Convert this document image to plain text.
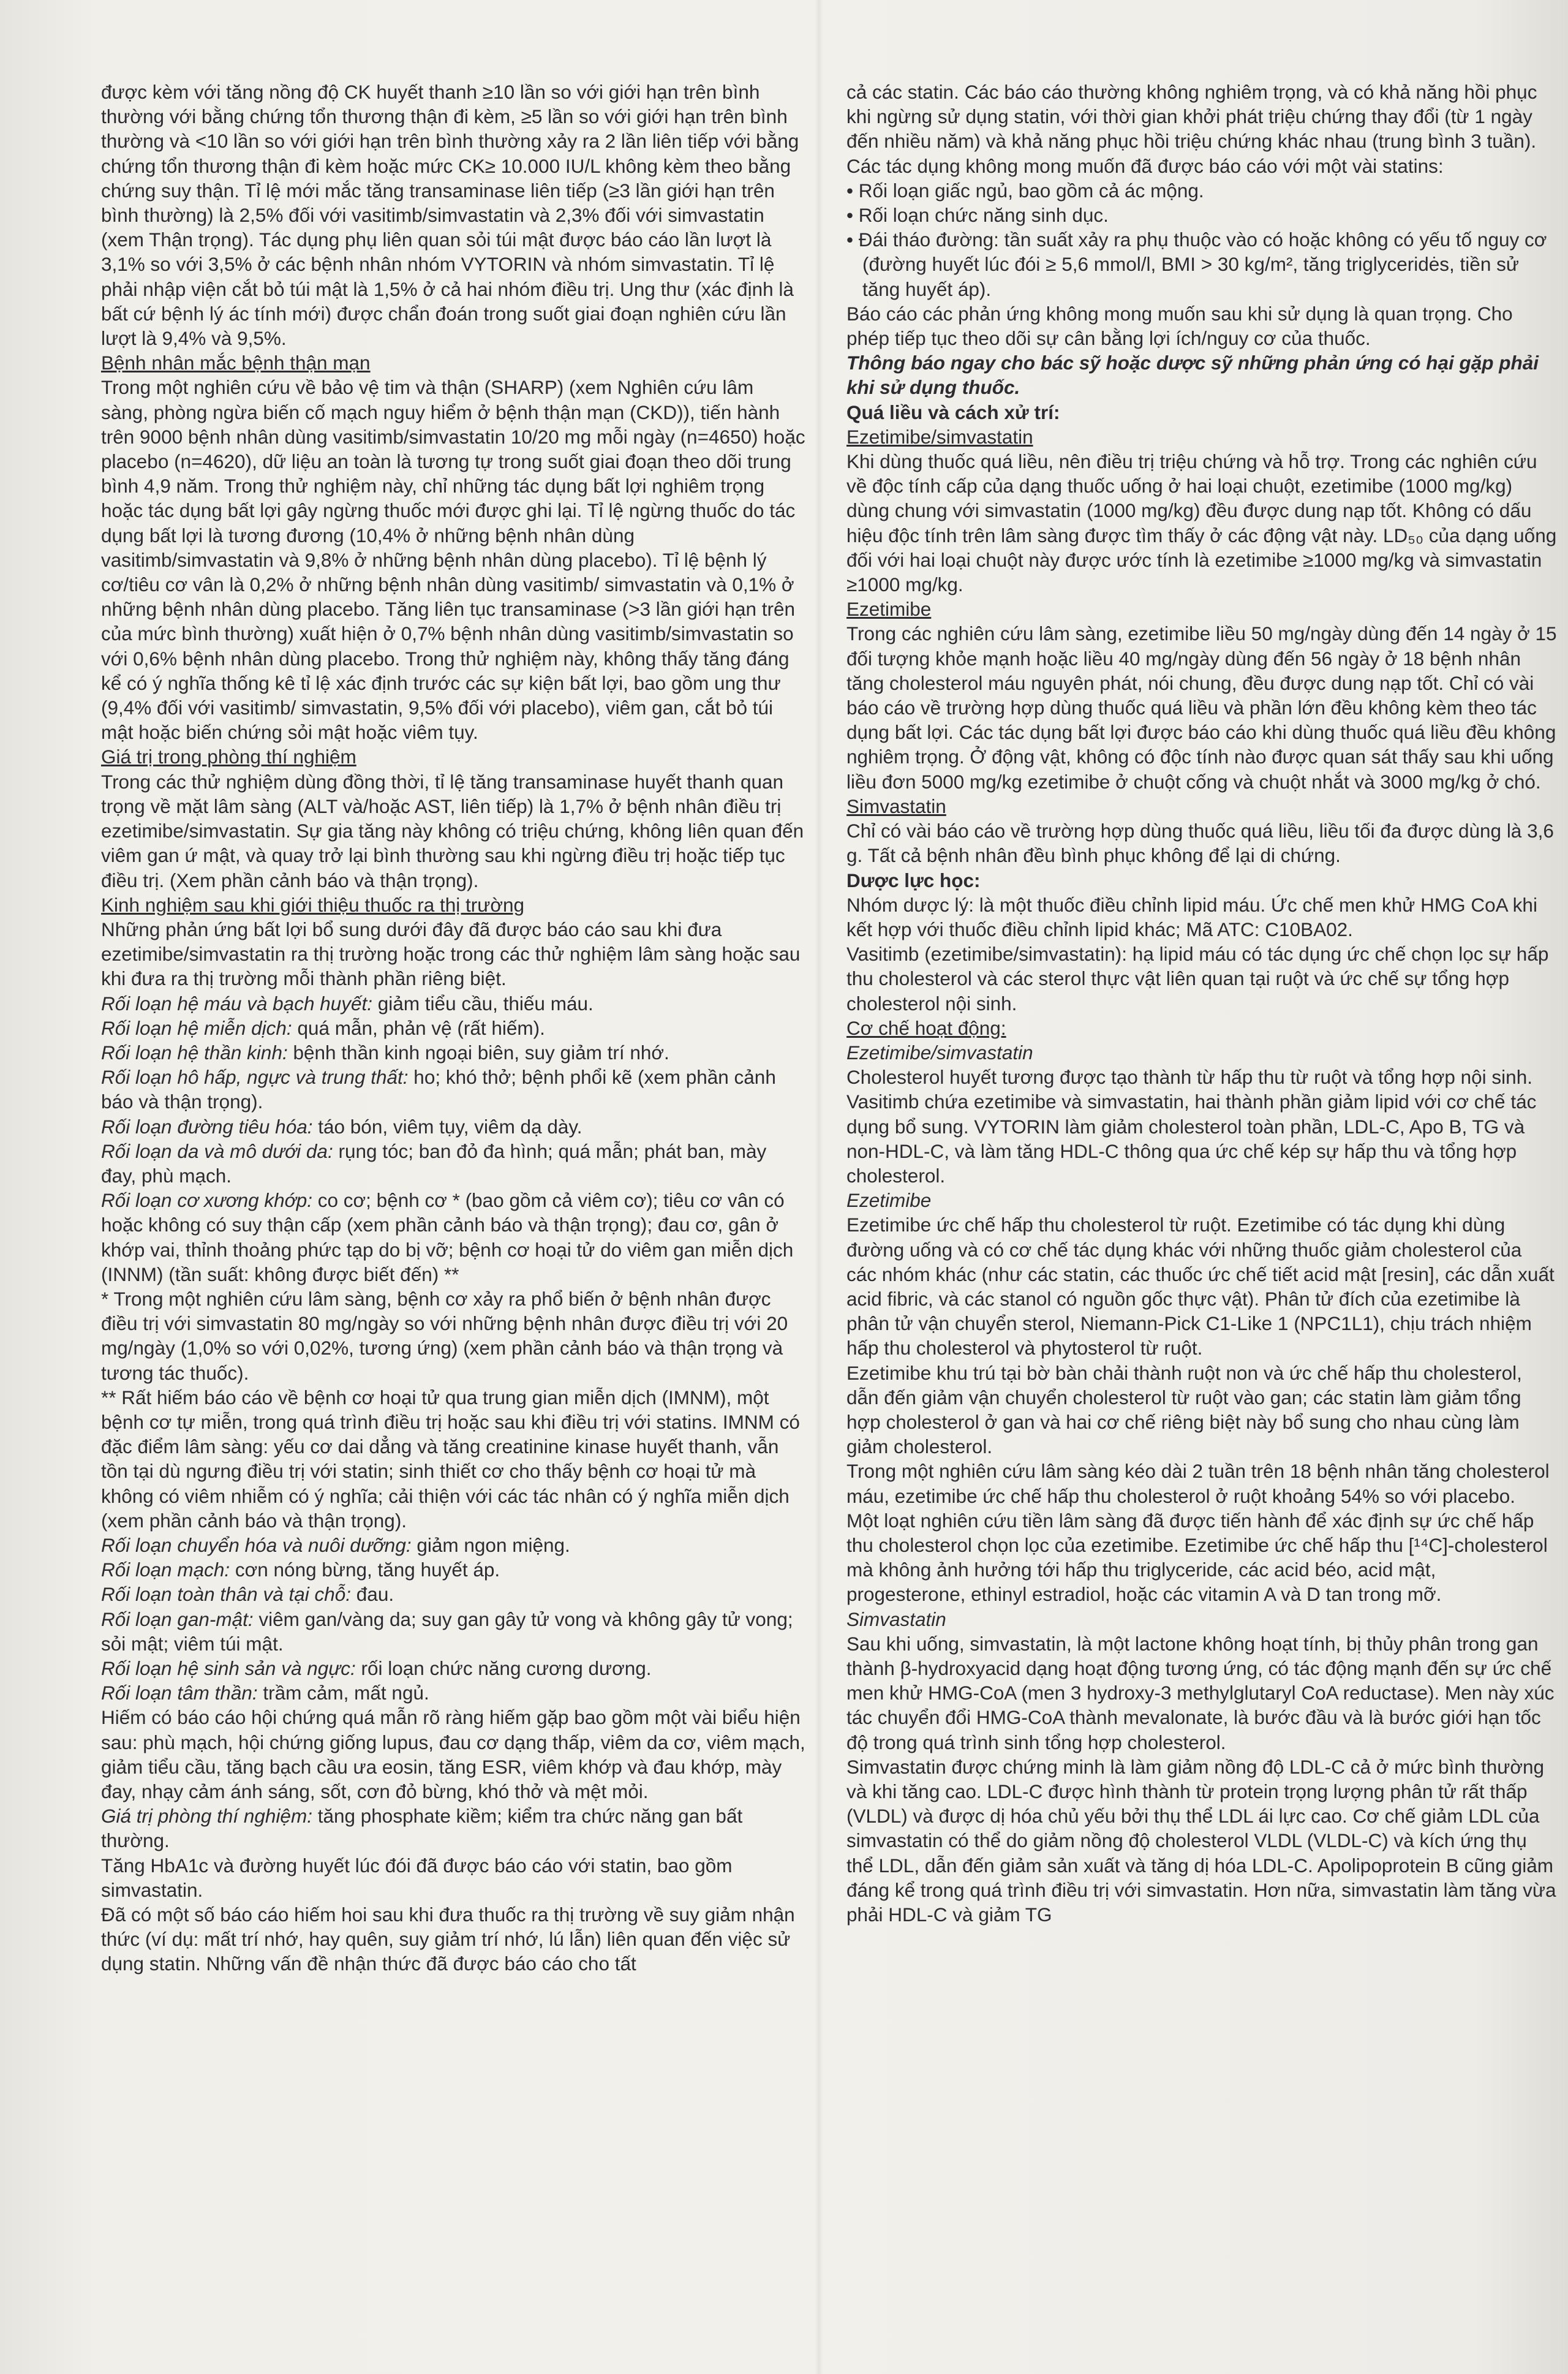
được kèm với tăng nồng độ CK huyết thanh ≥10 lần so với giới hạn trên bình thường với bằng chứng tổn thương thận đi kèm, ≥5 lần so với giới hạn trên bình thường và <10 lần so với giới hạn trên bình thường xảy ra 2 lần liên tiếp với bằng chứng tổn thương thận đi kèm hoặc mức CK≥ 10.000 IU/L không kèm theo bằng chứng suy thận. Tỉ lệ mới mắc tăng transaminase liên tiếp (≥3 lần giới hạn trên bình thường) là 2,5% đối với vasitimb/simvastatin và 2,3% đối với simvastatin (xem Thận trọng). Tác dụng phụ liên quan sỏi túi mật được báo cáo lần lượt là 3,1% so với 3,5% ở các bệnh nhân nhóm VYTORIN và nhóm simvastatin. Tỉ lệ phải nhập viện cắt bỏ túi mật là 1,5% ở cả hai nhóm điều trị. Ung thư (xác định là bất cứ bệnh lý ác tính mới) được chẩn đoán trong suốt giai đoạn nghiên cứu lần lượt là 9,4% và 9,5%.

Bệnh nhân mắc bệnh thận mạn

Trong một nghiên cứu về bảo vệ tim và thận (SHARP) (xem Nghiên cứu lâm sàng, phòng ngừa biến cố mạch nguy hiểm ở bệnh thận mạn (CKD)), tiến hành trên 9000 bệnh nhân dùng vasitimb/simvastatin 10/20 mg mỗi ngày (n=4650) hoặc placebo (n=4620), dữ liệu an toàn là tương tự trong suốt giai đoạn theo dõi trung bình 4,9 năm. Trong thử nghiệm này, chỉ những tác dụng bất lợi nghiêm trọng hoặc tác dụng bất lợi gây ngừng thuốc mới được ghi lại. Tỉ lệ ngừng thuốc do tác dụng bất lợi là tương đương (10,4% ở những bệnh nhân dùng vasitimb/simvastatin và 9,8% ở những bệnh nhân dùng placebo). Tỉ lệ bệnh lý cơ/tiêu cơ vân là 0,2% ở những bệnh nhân dùng vasitimb/ simvastatin và 0,1% ở những bệnh nhân dùng placebo. Tăng liên tục transaminase (>3 lần giới hạn trên của mức bình thường) xuất hiện ở 0,7% bệnh nhân dùng vasitimb/simvastatin so với 0,6% bệnh nhân dùng placebo. Trong thử nghiệm này, không thấy tăng đáng kể có ý nghĩa thống kê tỉ lệ xác định trước các sự kiện bất lợi, bao gồm ung thư (9,4% đối với vasitimb/ simvastatin, 9,5% đối với placebo), viêm gan, cắt bỏ túi mật hoặc biến chứng sỏi mật hoặc viêm tụy.

Giá trị trong phòng thí nghiệm

Trong các thử nghiệm dùng đồng thời, tỉ lệ tăng transaminase huyết thanh quan trọng về mặt lâm sàng (ALT và/hoặc AST, liên tiếp) là 1,7% ở bệnh nhân điều trị ezetimibe/simvastatin. Sự gia tăng này không có triệu chứng, không liên quan đến viêm gan ứ mật, và quay trở lại bình thường sau khi ngừng điều trị hoặc tiếp tục điều trị. (Xem phần cảnh báo và thận trọng).

Kinh nghiệm sau khi giới thiệu thuốc ra thị trường

Những phản ứng bất lợi bổ sung dưới đây đã được báo cáo sau khi đưa ezetimibe/simvastatin ra thị trường hoặc trong các thử nghiệm lâm sàng hoặc sau khi đưa ra thị trường mỗi thành phần riêng biệt.

Rối loạn hệ máu và bạch huyết: giảm tiểu cầu, thiếu máu.

Rối loạn hệ miễn dịch: quá mẫn, phản vệ (rất hiếm).

Rối loạn hệ thần kinh: bệnh thần kinh ngoại biên, suy giảm trí nhớ.

Rối loạn hô hấp, ngực và trung thất: ho; khó thở; bệnh phổi kẽ (xem phần cảnh báo và thận trọng).

Rối loạn đường tiêu hóa: táo bón, viêm tụy, viêm dạ dày.

Rối loạn da và mô dưới da: rụng tóc; ban đỏ đa hình; quá mẫn; phát ban, mày đay, phù mạch.

Rối loạn cơ xương khớp: co cơ; bệnh cơ * (bao gồm cả viêm cơ); tiêu cơ vân có hoặc không có suy thận cấp (xem phần cảnh báo và thận trọng); đau cơ, gân ở khớp vai, thỉnh thoảng phức tạp do bị vỡ; bệnh cơ hoại tử do viêm gan miễn dịch (INNM) (tần suất: không được biết đến) **

* Trong một nghiên cứu lâm sàng, bệnh cơ xảy ra phổ biến ở bệnh nhân được điều trị với simvastatin 80 mg/ngày so với những bệnh nhân được điều trị với 20 mg/ngày (1,0% so với 0,02%, tương ứng) (xem phần cảnh báo và thận trọng và tương tác thuốc).

** Rất hiếm báo cáo về bệnh cơ hoại tử qua trung gian miễn dịch (IMNM), một bệnh cơ tự miễn, trong quá trình điều trị hoặc sau khi điều trị với statins. IMNM có đặc điểm lâm sàng: yếu cơ dai dẳng và tăng creatinine kinase huyết thanh, vẫn tồn tại dù ngưng điều trị với statin; sinh thiết cơ cho thấy bệnh cơ hoại tử mà không có viêm nhiễm có ý nghĩa; cải thiện với các tác nhân có ý nghĩa miễn dịch (xem phần cảnh báo và thận trọng).

Rối loạn chuyển hóa và nuôi dưỡng: giảm ngon miệng.

Rối loạn mạch: cơn nóng bừng, tăng huyết áp.

Rối loạn toàn thân và tại chỗ: đau.

Rối loạn gan-mật: viêm gan/vàng da; suy gan gây tử vong và không gây tử vong; sỏi mật; viêm túi mật.

Rối loạn hệ sinh sản và ngực: rối loạn chức năng cương dương.

Rối loạn tâm thần: trầm cảm, mất ngủ.

Hiếm có báo cáo hội chứng quá mẫn rõ ràng hiếm gặp bao gồm một vài biểu hiện sau: phù mạch, hội chứng giống lupus, đau cơ dạng thấp, viêm da cơ, viêm mạch, giảm tiểu cầu, tăng bạch cầu ưa eosin, tăng ESR, viêm khớp và đau khớp, mày đay, nhạy cảm ánh sáng, sốt, cơn đỏ bừng, khó thở và mệt mỏi.

Giá trị phòng thí nghiệm: tăng phosphate kiềm; kiểm tra chức năng gan bất thường.

Tăng HbA1c và đường huyết lúc đói đã được báo cáo với statin, bao gồm simvastatin.

Đã có một số báo cáo hiếm hoi sau khi đưa thuốc ra thị trường về suy giảm nhận thức (ví dụ: mất trí nhớ, hay quên, suy giảm trí nhớ, lú lẫn) liên quan đến việc sử dụng statin. Những vấn đề nhận thức đã được báo cáo cho tất

cả các statin. Các báo cáo thường không nghiêm trọng, và có khả năng hồi phục khi ngừng sử dụng statin, với thời gian khởi phát triệu chứng thay đổi (từ 1 ngày đến nhiều năm) và khả năng phục hồi triệu chứng khác nhau (trung bình 3 tuần).

Các tác dụng không mong muốn đã được báo cáo với một vài statins:

• Rối loạn giấc ngủ, bao gồm cả ác mộng.

• Rối loạn chức năng sinh dục.

• Đái tháo đường: tần suất xảy ra phụ thuộc vào có hoặc không có yếu tố nguy cơ (đường huyết lúc đói ≥ 5,6 mmol/l, BMI > 30 kg/m², tăng triglyceridės, tiền sử tăng huyết áp).

Báo cáo các phản ứng không mong muốn sau khi sử dụng là quan trọng. Cho phép tiếp tục theo dõi sự cân bằng lợi ích/nguy cơ của thuốc.

Thông báo ngay cho bác sỹ hoặc dược sỹ những phản ứng có hại gặp phải khi sử dụng thuốc.

Quá liều và cách xử trí:

Ezetimibe/simvastatin

Khi dùng thuốc quá liều, nên điều trị triệu chứng và hỗ trợ. Trong các nghiên cứu về độc tính cấp của dạng thuốc uống ở hai loại chuột, ezetimibe (1000 mg/kg) dùng chung với simvastatin (1000 mg/kg) đều được dung nạp tốt. Không có dấu hiệu độc tính trên lâm sàng được tìm thấy ở các động vật này. LD₅₀ của dạng uống đối với hai loại chuột này được ước tính là ezetimibe ≥1000 mg/kg và simvastatin ≥1000 mg/kg.

Ezetimibe

Trong các nghiên cứu lâm sàng, ezetimibe liều 50 mg/ngày dùng đến 14 ngày ở 15 đối tượng khỏe mạnh hoặc liều 40 mg/ngày dùng đến 56 ngày ở 18 bệnh nhân tăng cholesterol máu nguyên phát, nói chung, đều được dung nạp tốt. Chỉ có vài báo cáo về trường hợp dùng thuốc quá liều và phần lớn đều không kèm theo tác dụng bất lợi. Các tác dụng bất lợi được báo cáo khi dùng thuốc quá liều đều không nghiêm trọng. Ở động vật, không có độc tính nào được quan sát thấy sau khi uống liều đơn 5000 mg/kg ezetimibe ở chuột cống và chuột nhắt và 3000 mg/kg ở chó.

Simvastatin

Chỉ có vài báo cáo về trường hợp dùng thuốc quá liều, liều tối đa được dùng là 3,6 g. Tất cả bệnh nhân đều bình phục không để lại di chứng.

Dược lực học:

Nhóm dược lý: là một thuốc điều chỉnh lipid máu. Ức chế men khử HMG CoA khi kết hợp với thuốc điều chỉnh lipid khác; Mã ATC: C10BA02.

Vasitimb (ezetimibe/simvastatin): hạ lipid máu có tác dụng ức chế chọn lọc sự hấp thu cholesterol và các sterol thực vật liên quan tại ruột và ức chế sự tổng hợp cholesterol nội sinh.

Cơ chế hoạt động:

Ezetimibe/simvastatin

Cholesterol huyết tương được tạo thành từ hấp thu từ ruột và tổng hợp nội sinh. Vasitimb chứa ezetimibe và simvastatin, hai thành phần giảm lipid với cơ chế tác dụng bổ sung. VYTORIN làm giảm cholesterol toàn phần, LDL-C, Apo B, TG và non-HDL-C, và làm tăng HDL-C thông qua ức chế kép sự hấp thu và tổng hợp cholesterol.

Ezetimibe

Ezetimibe ức chế hấp thu cholesterol từ ruột. Ezetimibe có tác dụng khi dùng đường uống và có cơ chế tác dụng khác với những thuốc giảm cholesterol của các nhóm khác (như các statin, các thuốc ức chế tiết acid mật [resin], các dẫn xuất acid fibric, và các stanol có nguồn gốc thực vật). Phân tử đích của ezetimibe là phân tử vận chuyển sterol, Niemann-Pick C1-Like 1 (NPC1L1), chịu trách nhiệm hấp thu cholesterol và phytosterol từ ruột.

Ezetimibe khu trú tại bờ bàn chải thành ruột non và ức chế hấp thu cholesterol, dẫn đến giảm vận chuyển cholesterol từ ruột vào gan; các statin làm giảm tổng hợp cholesterol ở gan và hai cơ chế riêng biệt này bổ sung cho nhau cùng làm giảm cholesterol.

Trong một nghiên cứu lâm sàng kéo dài 2 tuần trên 18 bệnh nhân tăng cholesterol máu, ezetimibe ức chế hấp thu cholesterol ở ruột khoảng 54% so với placebo.

Một loạt nghiên cứu tiền lâm sàng đã được tiến hành để xác định sự ức chế hấp thu cholesterol chọn lọc của ezetimibe. Ezetimibe ức chế hấp thu [¹⁴C]-cholesterol mà không ảnh hưởng tới hấp thu triglyceride, các acid béo, acid mật, progesterone, ethinyl estradiol, hoặc các vitamin A và D tan trong mỡ.

Simvastatin

Sau khi uống, simvastatin, là một lactone không hoạt tính, bị thủy phân trong gan thành β-hydroxyacid dạng hoạt động tương ứng, có tác động mạnh đến sự ức chế men khử HMG-CoA (men 3 hydroxy-3 methylglutaryl CoA reductase). Men này xúc tác chuyển đổi HMG-CoA thành mevalonate, là bước đầu và là bước giới hạn tốc độ trong quá trình sinh tổng hợp cholesterol.

Simvastatin được chứng minh là làm giảm nồng độ LDL-C cả ở mức bình thường và khi tăng cao. LDL-C được hình thành từ protein trọng lượng phân tử rất thấp (VLDL) và được dị hóa chủ yếu bởi thụ thể LDL ái lực cao. Cơ chế giảm LDL của simvastatin có thể do giảm nồng độ cholesterol VLDL (VLDL-C) và kích ứng thụ thể LDL, dẫn đến giảm sản xuất và tăng dị hóa LDL-C. Apolipoprotein B cũng giảm đáng kể trong quá trình điều trị với simvastatin. Hơn nữa, simvastatin làm tăng vừa phải HDL-C và giảm TG
